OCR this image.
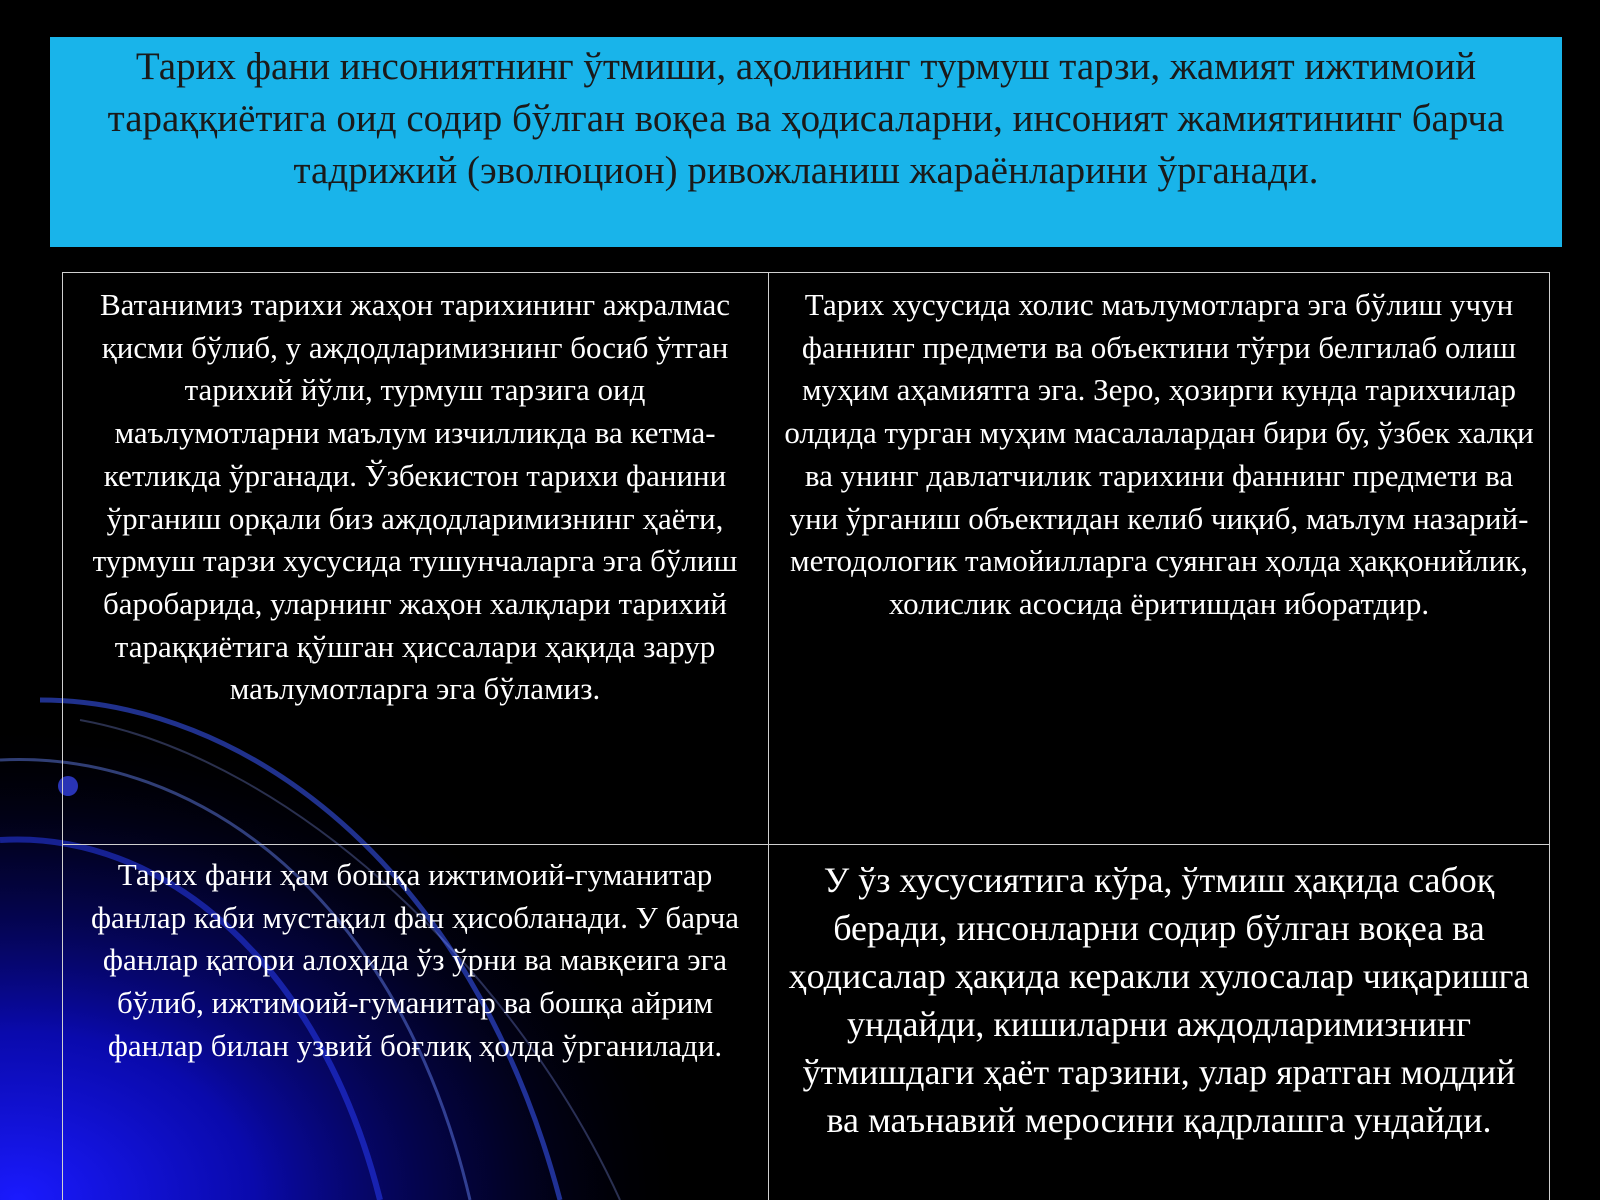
Тарих фани инсониятнинг ўтмиши, аҳолининг турмуш тарзи, жамият ижтимоий тараққиётига оид содир бўлган воқеа ва ҳодисаларни, инсоният жамиятининг барча тадрижий (эволюцион) ривожланиш жараёнларини ўрганади.
Ватанимиз тарихи жаҳон тарихининг ажралмас қисми бўлиб, у аждодларимизнинг босиб ўтган тарихий йўли, турмуш тарзига оид маълумотларни маълум изчилликда ва кетма-кетликда ўрганади. Ўзбекистон тарихи фанини ўрганиш орқали биз аждодларимизнинг ҳаёти, турмуш тарзи хусусида тушунчаларга эга бўлиш баробарида, уларнинг жаҳон халқлари тарихий тараққиётига қўшган ҳиссалари ҳақида зарур маълумотларга эга бўламиз.
Тарих хусусида холис маълумотларга эга бўлиш учун фаннинг предмети ва объектини тўғри белгилаб олиш муҳим аҳамиятга эга. Зеро, ҳозирги кунда тарихчилар олдида турган муҳим масалалардан бири бу, ўзбек халқи ва унинг давлатчилик тарихини фаннинг предмети ва уни ўрганиш объектидан келиб чиқиб, маълум назарий-методологик тамойилларга суянган ҳолда ҳаққонийлик, холислик асосида ёритишдан иборатдир.
Тарих фани ҳам бошқа ижтимоий-гуманитар фанлар каби мустақил фан ҳисобланади. У барча фанлар қатори алоҳида ўз ўрни ва мавқеига эга бўлиб, ижтимоий-гуманитар ва бошқа айрим фанлар билан узвий боғлиқ ҳолда ўрганилади.
У ўз хусусиятига кўра, ўтмиш ҳақида сабоқ беради, инсонларни содир бўлган воқеа ва ҳодисалар ҳақида керакли хулосалар чиқаришга ундайди, кишиларни аждодларимизнинг ўтмишдаги ҳаёт тарзини, улар яратган моддий ва маънавий меросини қадрлашга ундайди.
